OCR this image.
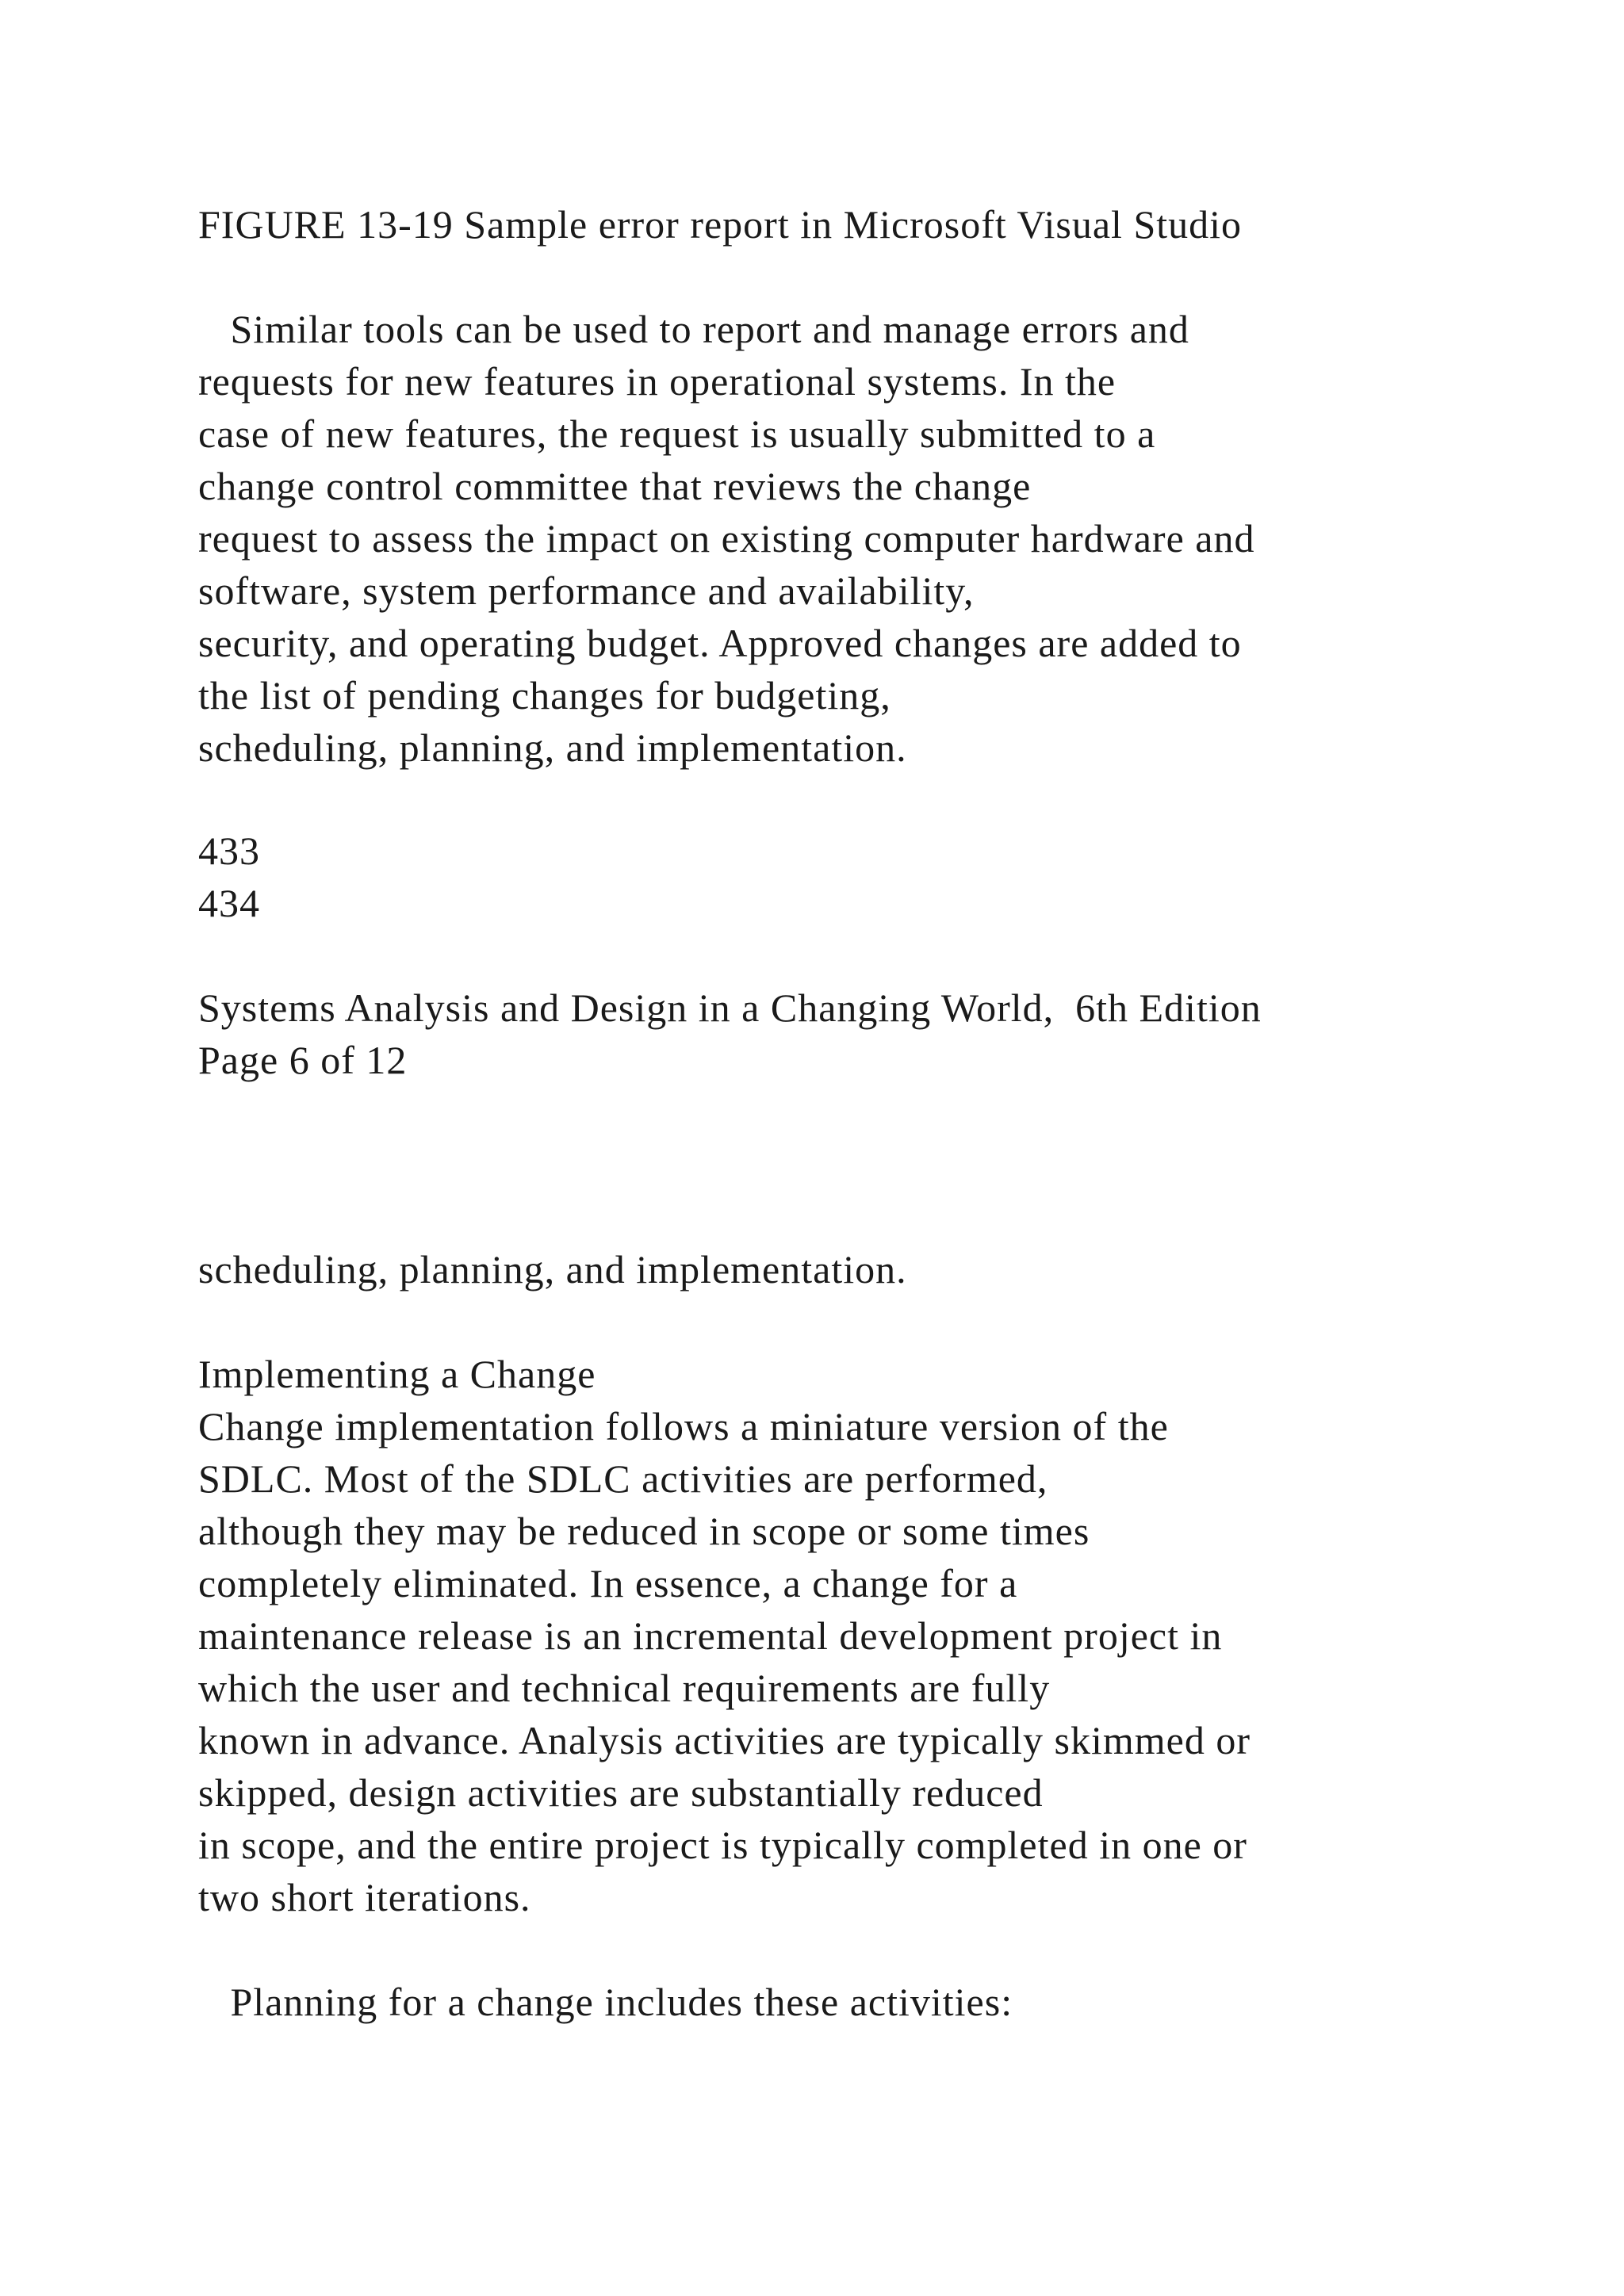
FIGURE 13-19 Sample error report in Microsoft Visual Studio

Similar tools can be used to report and manage errors and
requests for new features in operational systems. In the
case of new features, the request is usually submitted to a
change control committee that reviews the change
request to assess the impact on existing computer hardware and
software, system performance and availability,
security, and operating budget. Approved changes are added to
the list of pending changes for budgeting,
scheduling, planning, and implementation.

433
434

Systems Analysis and Design in a Changing World,  6th Edition
Page 6 of 12

scheduling, planning, and implementation.

Implementing a Change
Change implementation follows a miniature version of the
SDLC. Most of the SDLC activities are performed,
although they may be reduced in scope or some times
completely eliminated. In essence, a change for a
maintenance release is an incremental development project in
which the user and technical requirements are fully
known in advance. Analysis activities are typically skimmed or
skipped, design activities are substantially reduced
in scope, and the entire project is typically completed in one or
two short iterations.

Planning for a change includes these activities:
